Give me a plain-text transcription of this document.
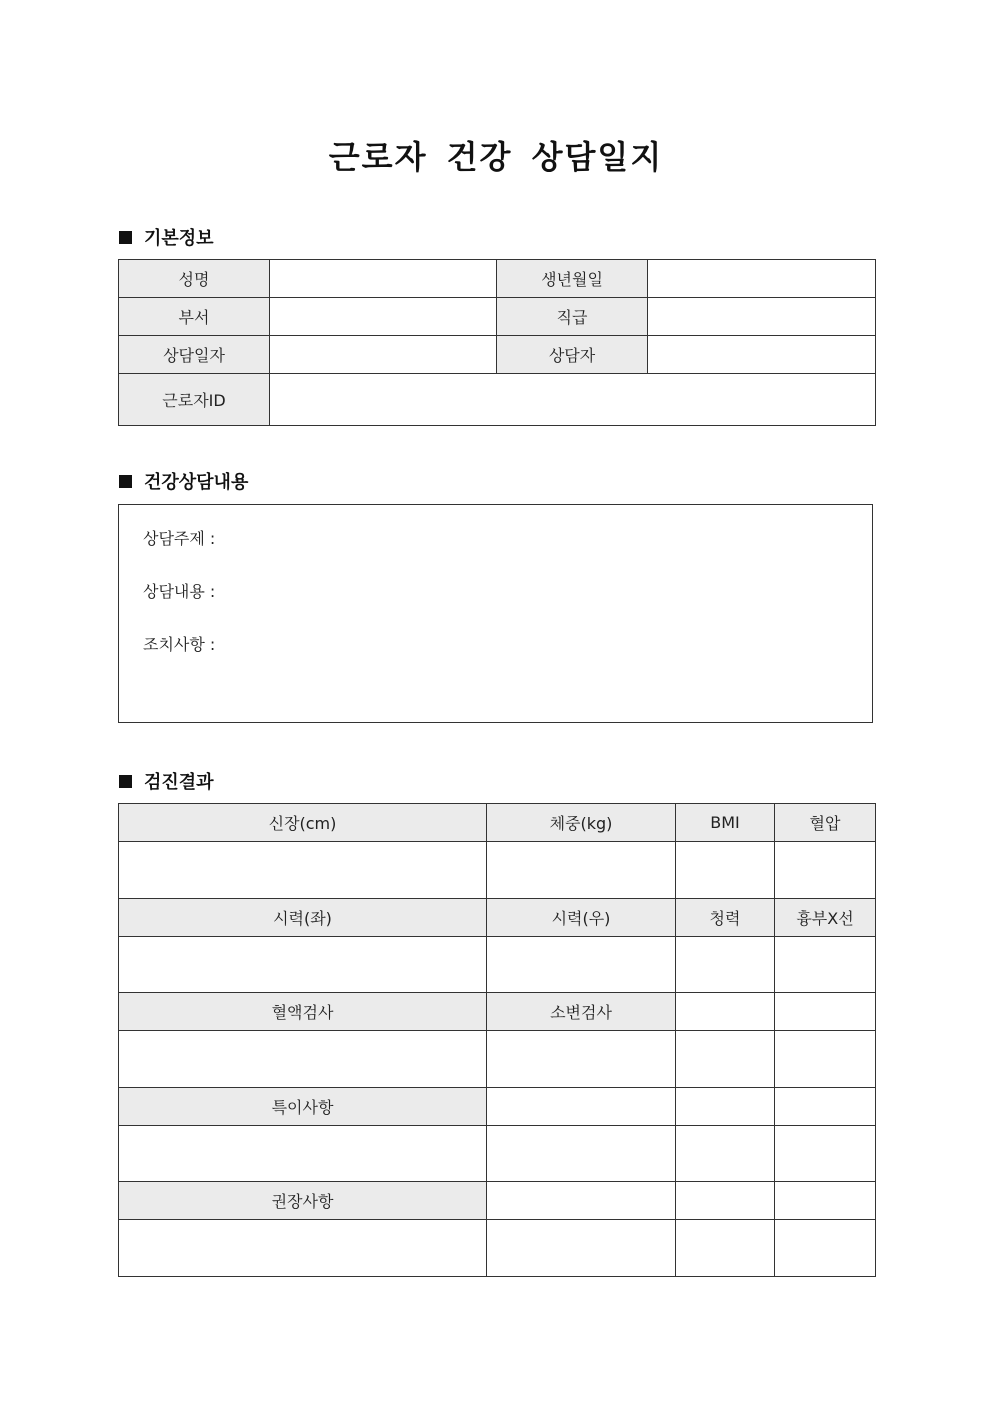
근로자 건강 상담일지
기본정보
성명		생년월일	
부서		직급	
상담일자		상담자	
근로자ID			
건강상담내용
상담주제 :
상담내용 :
조치사항 :
검진결과
신장(cm)	체중(kg)	BMI	혈압

시력(좌)	시력(우)	청력	흉부X선

혈액검사	소변검사		

특이사항			

권장사항			
